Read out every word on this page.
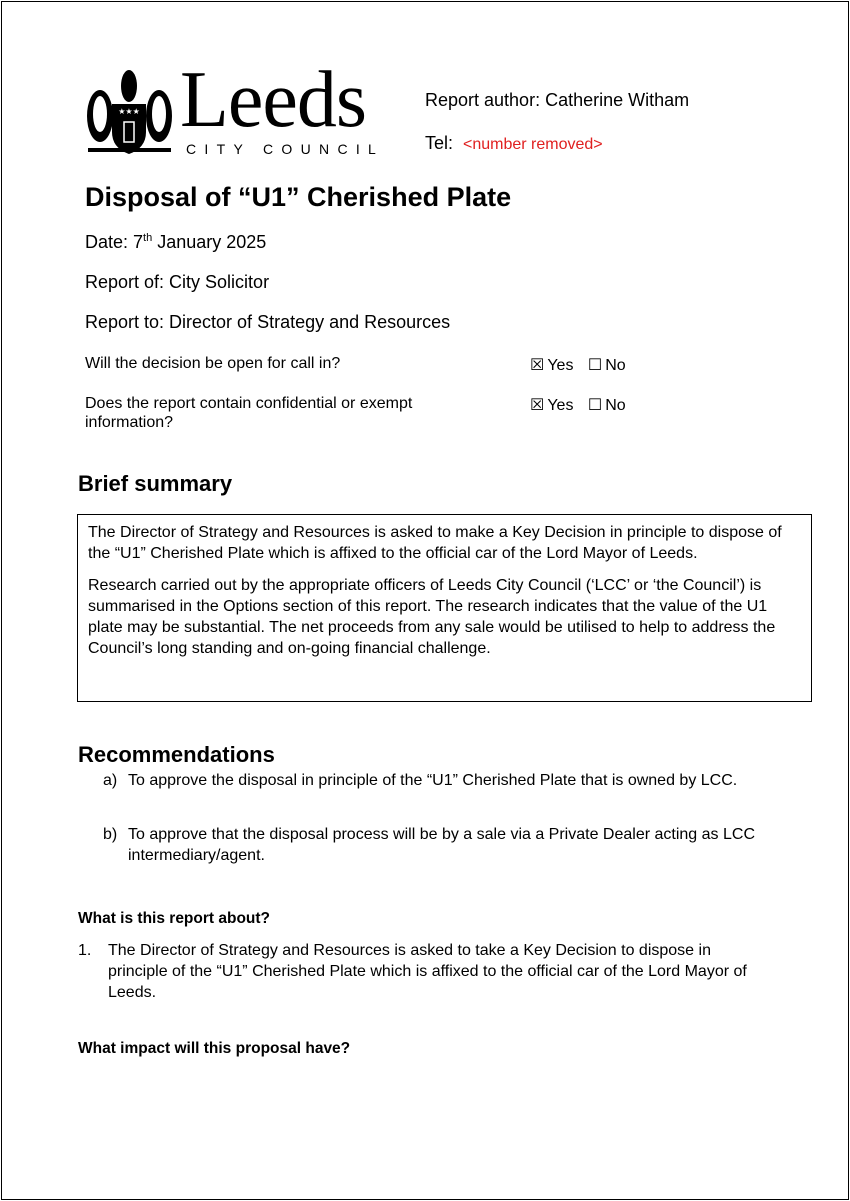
★★★ Leeds
CITY COUNCIL
Report author: Catherine Witham
Tel: <number removed>
Disposal of “U1” Cherished Plate
Date: 7th January 2025
Report of: City Solicitor
Report to: Director of Strategy and Resources
Will the decision be open for call in?	☒ Yes ☐ No
Does the report contain confidential or exempt
information?
☒ Yes ☐ No
Brief summary

The Director of Strategy and Resources is asked to make a Key Decision in principle to dispose of the “U1” Cherished Plate which is affixed to the official car of the Lord Mayor of Leeds.

Research carried out by the appropriate officers of Leeds City Council (‘LCC’ or ‘the Council’) is summarised in the Options section of this report. The research indicates that the value of the U1 plate may be substantial. The net proceeds from any sale would be utilised to help to address the Council’s long standing and on-going financial challenge.

Recommendations
a) To approve the disposal in principle of the “U1” Cherished Plate that is owned by LCC.
b) To approve that the disposal process will be by a sale via a Private Dealer acting as LCC intermediary/agent.
What is this report about?
1. The Director of Strategy and Resources is asked to take a Key Decision to dispose in principle of the “U1” Cherished Plate which is affixed to the official car of the Lord Mayor of Leeds.
What impact will this proposal have?
